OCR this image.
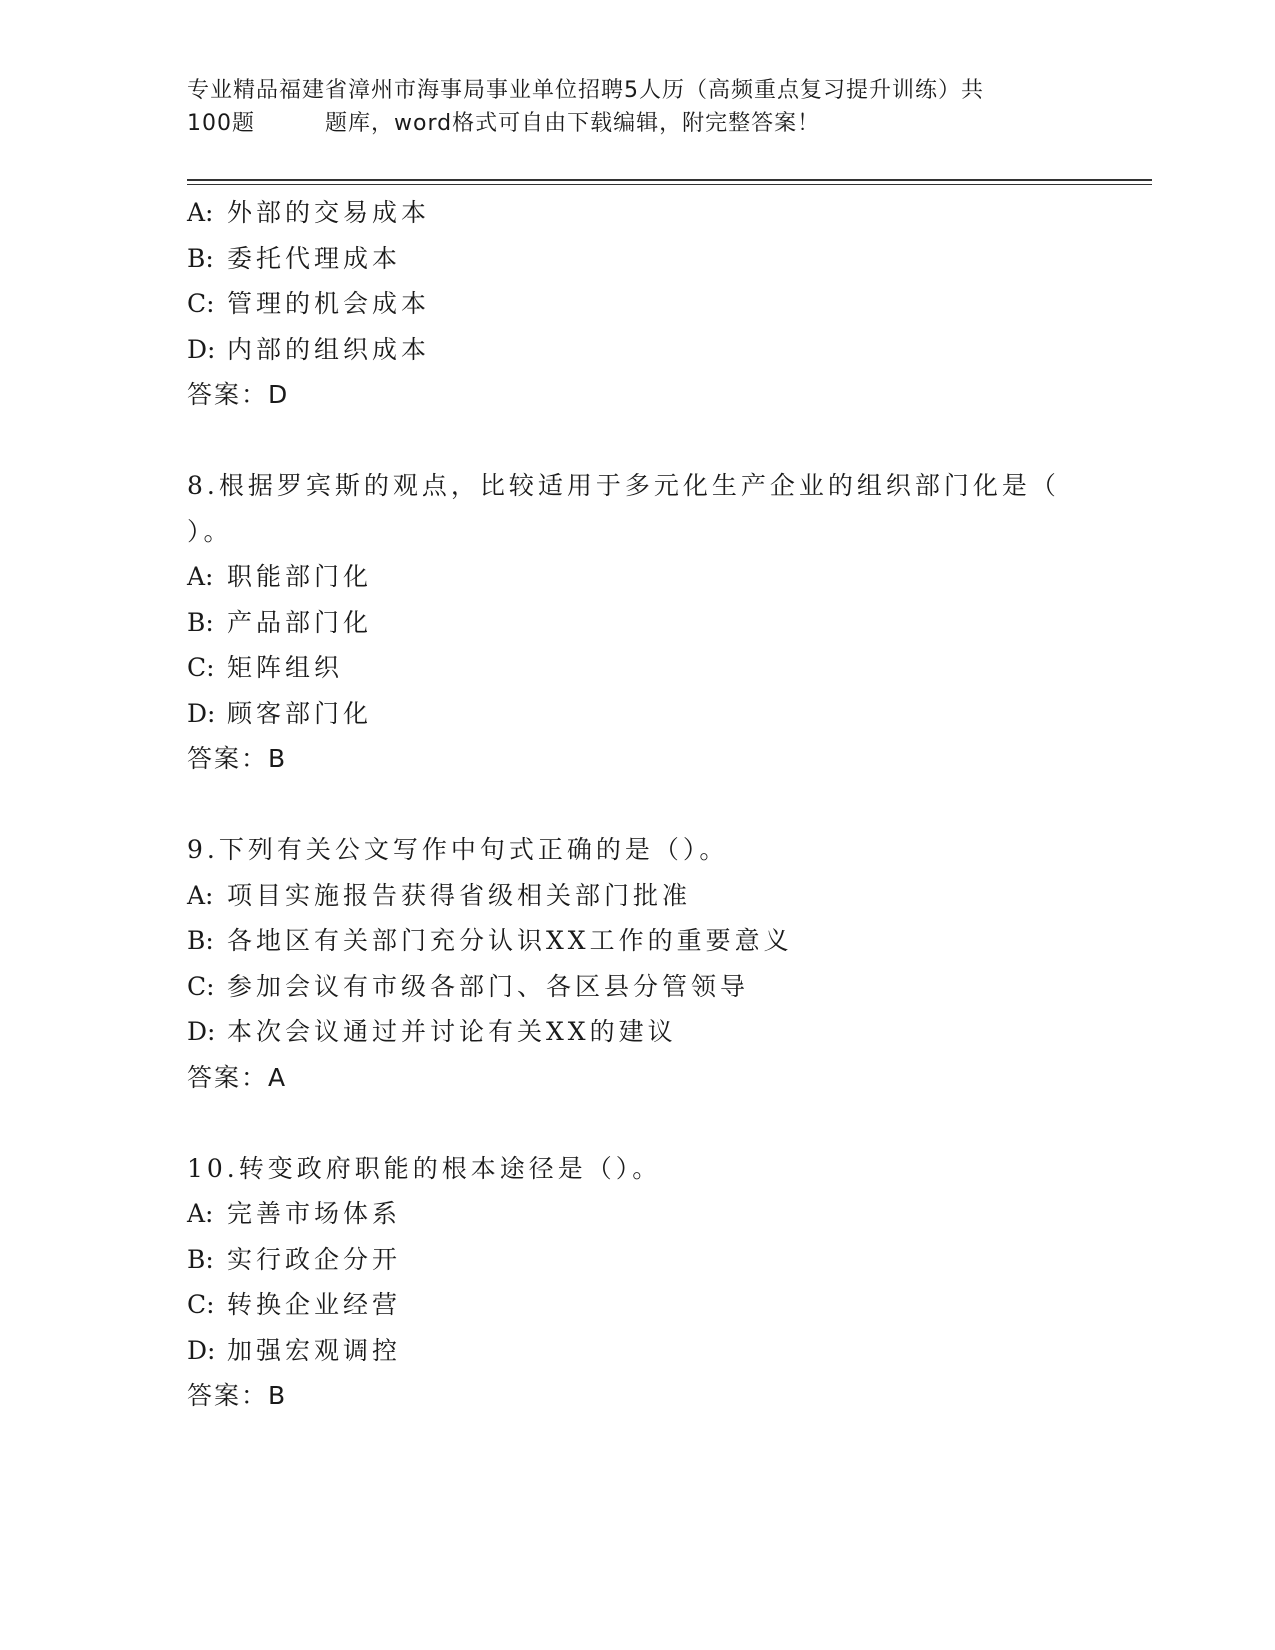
专业精品福建省漳州市海事局事业单位招聘5人历（高频重点复习提升训练）共
100题	题库，word格式可自由下载编辑，附完整答案！
A: 外部的交易成本
B: 委托代理成本
C: 管理的机会成本
D: 内部的组织成本
答案：D
8.根据罗宾斯的观点，比较适用于多元化生产企业的组织部门化是（
）。
A: 职能部门化
B: 产品部门化
C: 矩阵组织
D: 顾客部门化
答案：B
9.下列有关公文写作中句式正确的是（）。
A: 项目实施报告获得省级相关部门批准
B: 各地区有关部门充分认识XX工作的重要意义
C: 参加会议有市级各部门、各区县分管领导
D: 本次会议通过并讨论有关XX的建议
答案：A
10.转变政府职能的根本途径是（）。
A: 完善市场体系
B: 实行政企分开
C: 转换企业经营
D: 加强宏观调控
答案：B
